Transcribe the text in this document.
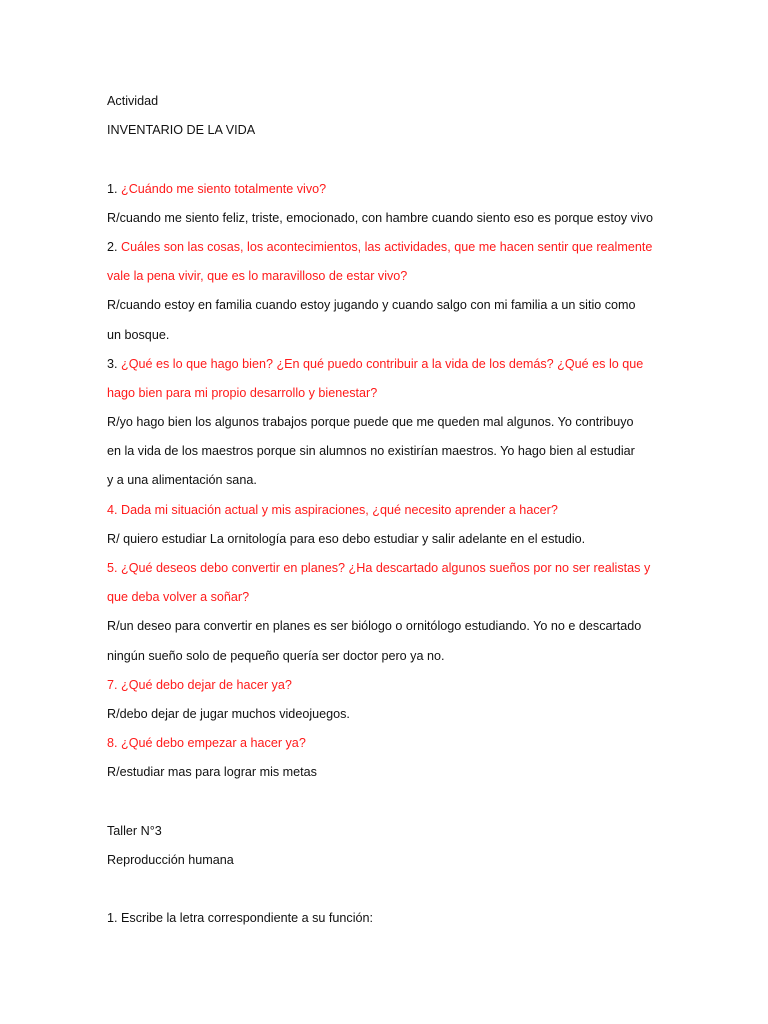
Actividad
INVENTARIO DE LA VIDA
1. ¿Cuándo me siento totalmente vivo?
R/cuando me siento feliz, triste, emocionado, con hambre cuando siento eso es porque estoy vivo
2. Cuáles son las cosas, los acontecimientos, las actividades, que me hacen sentir que realmente
vale la pena vivir, que es lo maravilloso de estar vivo?
R/cuando estoy en familia cuando estoy jugando y cuando salgo con mi familia a un sitio como
un bosque.
3. ¿Qué es lo que hago bien? ¿En qué puedo contribuir a la vida de los demás? ¿Qué es lo que
hago bien para mi propio desarrollo y bienestar?
R/yo hago bien los algunos trabajos porque puede que me queden mal algunos. Yo contribuyo
en la vida de los maestros porque sin alumnos no existirían maestros. Yo hago bien al estudiar
y a una alimentación sana.
4. Dada mi situación actual y mis aspiraciones, ¿qué necesito aprender a hacer?
R/ quiero estudiar La ornitología para eso debo estudiar y salir adelante en el estudio.
5. ¿Qué deseos debo convertir en planes? ¿Ha descartado algunos sueños por no ser realistas y
que deba volver a soñar?
R/un deseo para convertir en planes es ser biólogo o ornitólogo estudiando. Yo no e descartado
ningún sueño solo de pequeño quería ser doctor pero ya no.
7. ¿Qué debo dejar de hacer ya?
R/debo dejar de jugar muchos videojuegos.
8. ¿Qué debo empezar a hacer ya?
R/estudiar mas para lograr mis metas
Taller N°3
Reproducción humana
1. Escribe la letra correspondiente a su función:
